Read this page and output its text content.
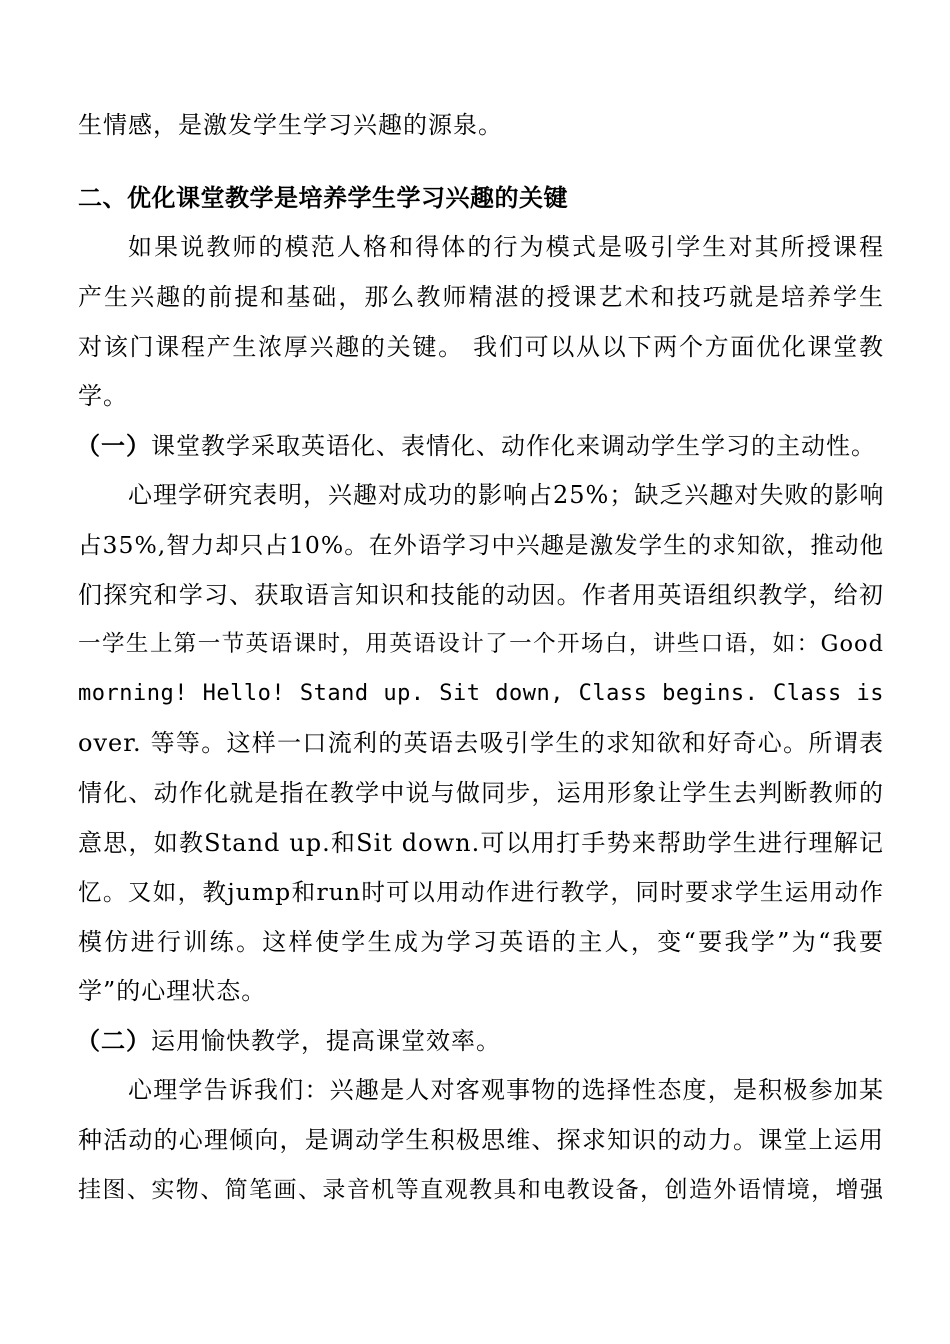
生情感，是激发学生学习兴趣的源泉。
二、优化课堂教学是培养学生学习兴趣的关键
如果说教师的模范人格和得体的行为模式是吸引学生对其所授课程
产生兴趣的前提和基础，那么教师精湛的授课艺术和技巧就是培养学生
对该门课程产生浓厚兴趣的关键。 我们可以从以下两个方面优化课堂教
学。
（一）课堂教学采取英语化、表情化、动作化来调动学生学习的主动性。
心理学研究表明，兴趣对成功的影响占25%；缺乏兴趣对失败的影响
占35%,智力却只占10%。在外语学习中兴趣是激发学生的求知欲，推动他
们探究和学习、获取语言知识和技能的动因。作者用英语组织教学，给初
一学生上第一节英语课时，用英语设计了一个开场白，讲些口语，如：Good
morning! Hello! Stand up. Sit down, Class begins. Class is
over. 等等。这样一口流利的英语去吸引学生的求知欲和好奇心。所谓表
情化、动作化就是指在教学中说与做同步，运用形象让学生去判断教师的
意思，如教Stand up.和Sit down.可以用打手势来帮助学生进行理解记
忆。又如，教jump和run时可以用动作进行教学，同时要求学生运用动作
模仿进行训练。这样使学生成为学习英语的主人，变“要我学”为“我要
学”的心理状态。
（二）运用愉快教学，提高课堂效率。
心理学告诉我们：兴趣是人对客观事物的选择性态度，是积极参加某
种活动的心理倾向，是调动学生积极思维、探求知识的动力。课堂上运用
挂图、实物、简笔画、录音机等直观教具和电教设备，创造外语情境，增强
